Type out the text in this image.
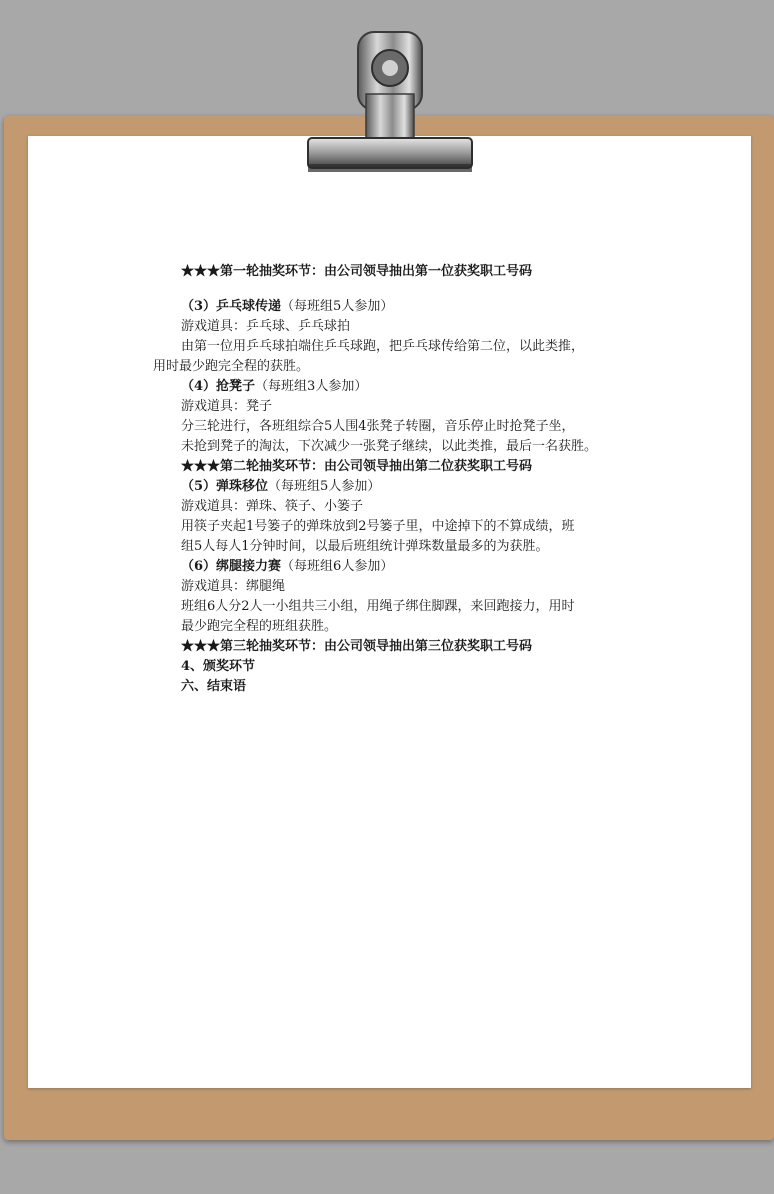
★★★第一轮抽奖环节：由公司领导抽出第一位获奖职工号码

（3）乒乓球传递（每班组5人参加）

游戏道具：乒乓球、乒乓球拍

由第一位用乒乓球拍端住乒乓球跑，把乒乓球传给第二位，以此类推，

用时最少跑完全程的获胜。

（4）抢凳子（每班组3人参加）

游戏道具：凳子

分三轮进行，各班组综合5人围4张凳子转圈，音乐停止时抢凳子坐，

未抢到凳子的淘汰，下次减少一张凳子继续，以此类推，最后一名获胜。

★★★第二轮抽奖环节：由公司领导抽出第二位获奖职工号码

（5）弹珠移位（每班组5人参加）

游戏道具：弹珠、筷子、小篓子

用筷子夹起1号篓子的弹珠放到2号篓子里，中途掉下的不算成绩，班

组5人每人1分钟时间，以最后班组统计弹珠数量最多的为获胜。

（6）绑腿接力赛（每班组6人参加）

游戏道具：绑腿绳

班组6人分2人一小组共三小组，用绳子绑住脚踝，来回跑接力，用时

最少跑完全程的班组获胜。

★★★第三轮抽奖环节：由公司领导抽出第三位获奖职工号码

4、颁奖环节

六、结束语
